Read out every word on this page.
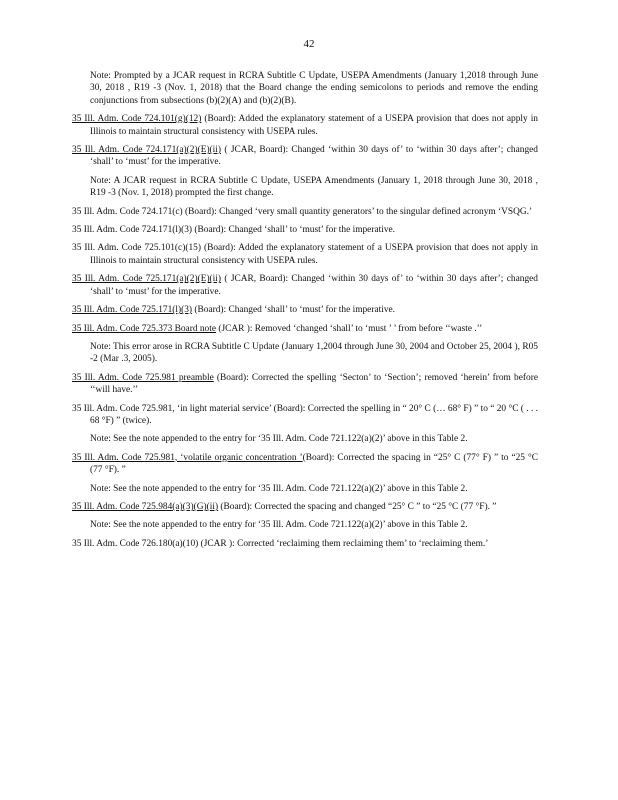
42

Note: Prompted by a JCAR request in RCRA Subtitle C Update, USEPA Amendments (January 1,2018 through June 30, 2018 , R19 -3 (Nov. 1, 2018) that the Board change the ending semicolons to periods and remove the ending conjunctions from subsections (b)(2)(A) and (b)(2)(B).

35 Ill. Adm. Code 724.101(g)(12) (Board): Added the explanatory statement of a USEPA provision that does not apply in Illinois to maintain structural consistency with USEPA rules.

35 Ill. Adm. Code 724.171(a)(2)(E)(ii) ( JCAR, Board): Changed ‘within 30 days of’ to ‘within 30 days after’; changed ‘shall’ to ‘must’ for the imperative.

Note: A JCAR request in RCRA Subtitle C Update, USEPA Amendments (January 1, 2018 through June 30, 2018 , R19 -3 (Nov. 1, 2018) prompted the first change.

35 Ill. Adm. Code 724.171(c) (Board): Changed ‘very small quantity generators’ to the singular defined acronym ‘VSQG.’

35 Ill. Adm. Code 724.171(l)(3) (Board): Changed ‘shall’ to ‘must’ for the imperative.

35 Ill. Adm. Code 725.101(c)(15) (Board): Added the explanatory statement of a USEPA provision that does not apply in Illinois to maintain structural consistency with USEPA rules.

35 Ill. Adm. Code 725.171(a)(2)(E)(ii) ( JCAR, Board): Changed ‘within 30 days of’ to ‘within 30 days after’; changed ‘shall’ to ‘must’ for the imperative.

35 Ill. Adm. Code 725.171(l)(3) (Board): Changed ‘shall’ to ‘must’ for the imperative.

35 Ill. Adm. Code 725.373 Board note (JCAR ): Removed ‘changed ‘shall’ to ‘must ’ ’ from before ‘‘waste .’’

Note: This error arose in RCRA Subtitle C Update (January 1,2004 through June 30, 2004 and October 25, 2004 ), R05 -2 (Mar .3, 2005).

35 Ill. Adm. Code 725.981 preamble (Board): Corrected the spelling ‘Secton’ to ‘Section’; removed ‘herein’ from before ‘‘will have.’’

35 Ill. Adm. Code 725.981, ‘in light material service’ (Board): Corrected the spelling in “ 20° C (… 68° F) ” to “ 20 °C ( . . . 68 °F) ” (twice).

Note: See the note appended to the entry for ‘35 Ill. Adm. Code 721.122(a)(2)’ above in this Table 2.

35 Ill. Adm. Code 725.981, ‘volatile organic concentration ’(Board): Corrected the spacing in “25° C (77° F) ” to “25 °C (77 °F). ”

Note: See the note appended to the entry for ‘35 Ill. Adm. Code 721.122(a)(2)’ above in this Table 2.

35 Ill. Adm. Code 725.984(a)(3)(G)(ii) (Board): Corrected the spacing and changed “25° C ” to “25 °C (77 °F). ”

Note: See the note appended to the entry for ‘35 Ill. Adm. Code 721.122(a)(2)’ above in this Table 2.

35 Ill. Adm. Code 726.180(a)(10) (JCAR ): Corrected ‘reclaiming them reclaiming them’ to ‘reclaiming them.’
